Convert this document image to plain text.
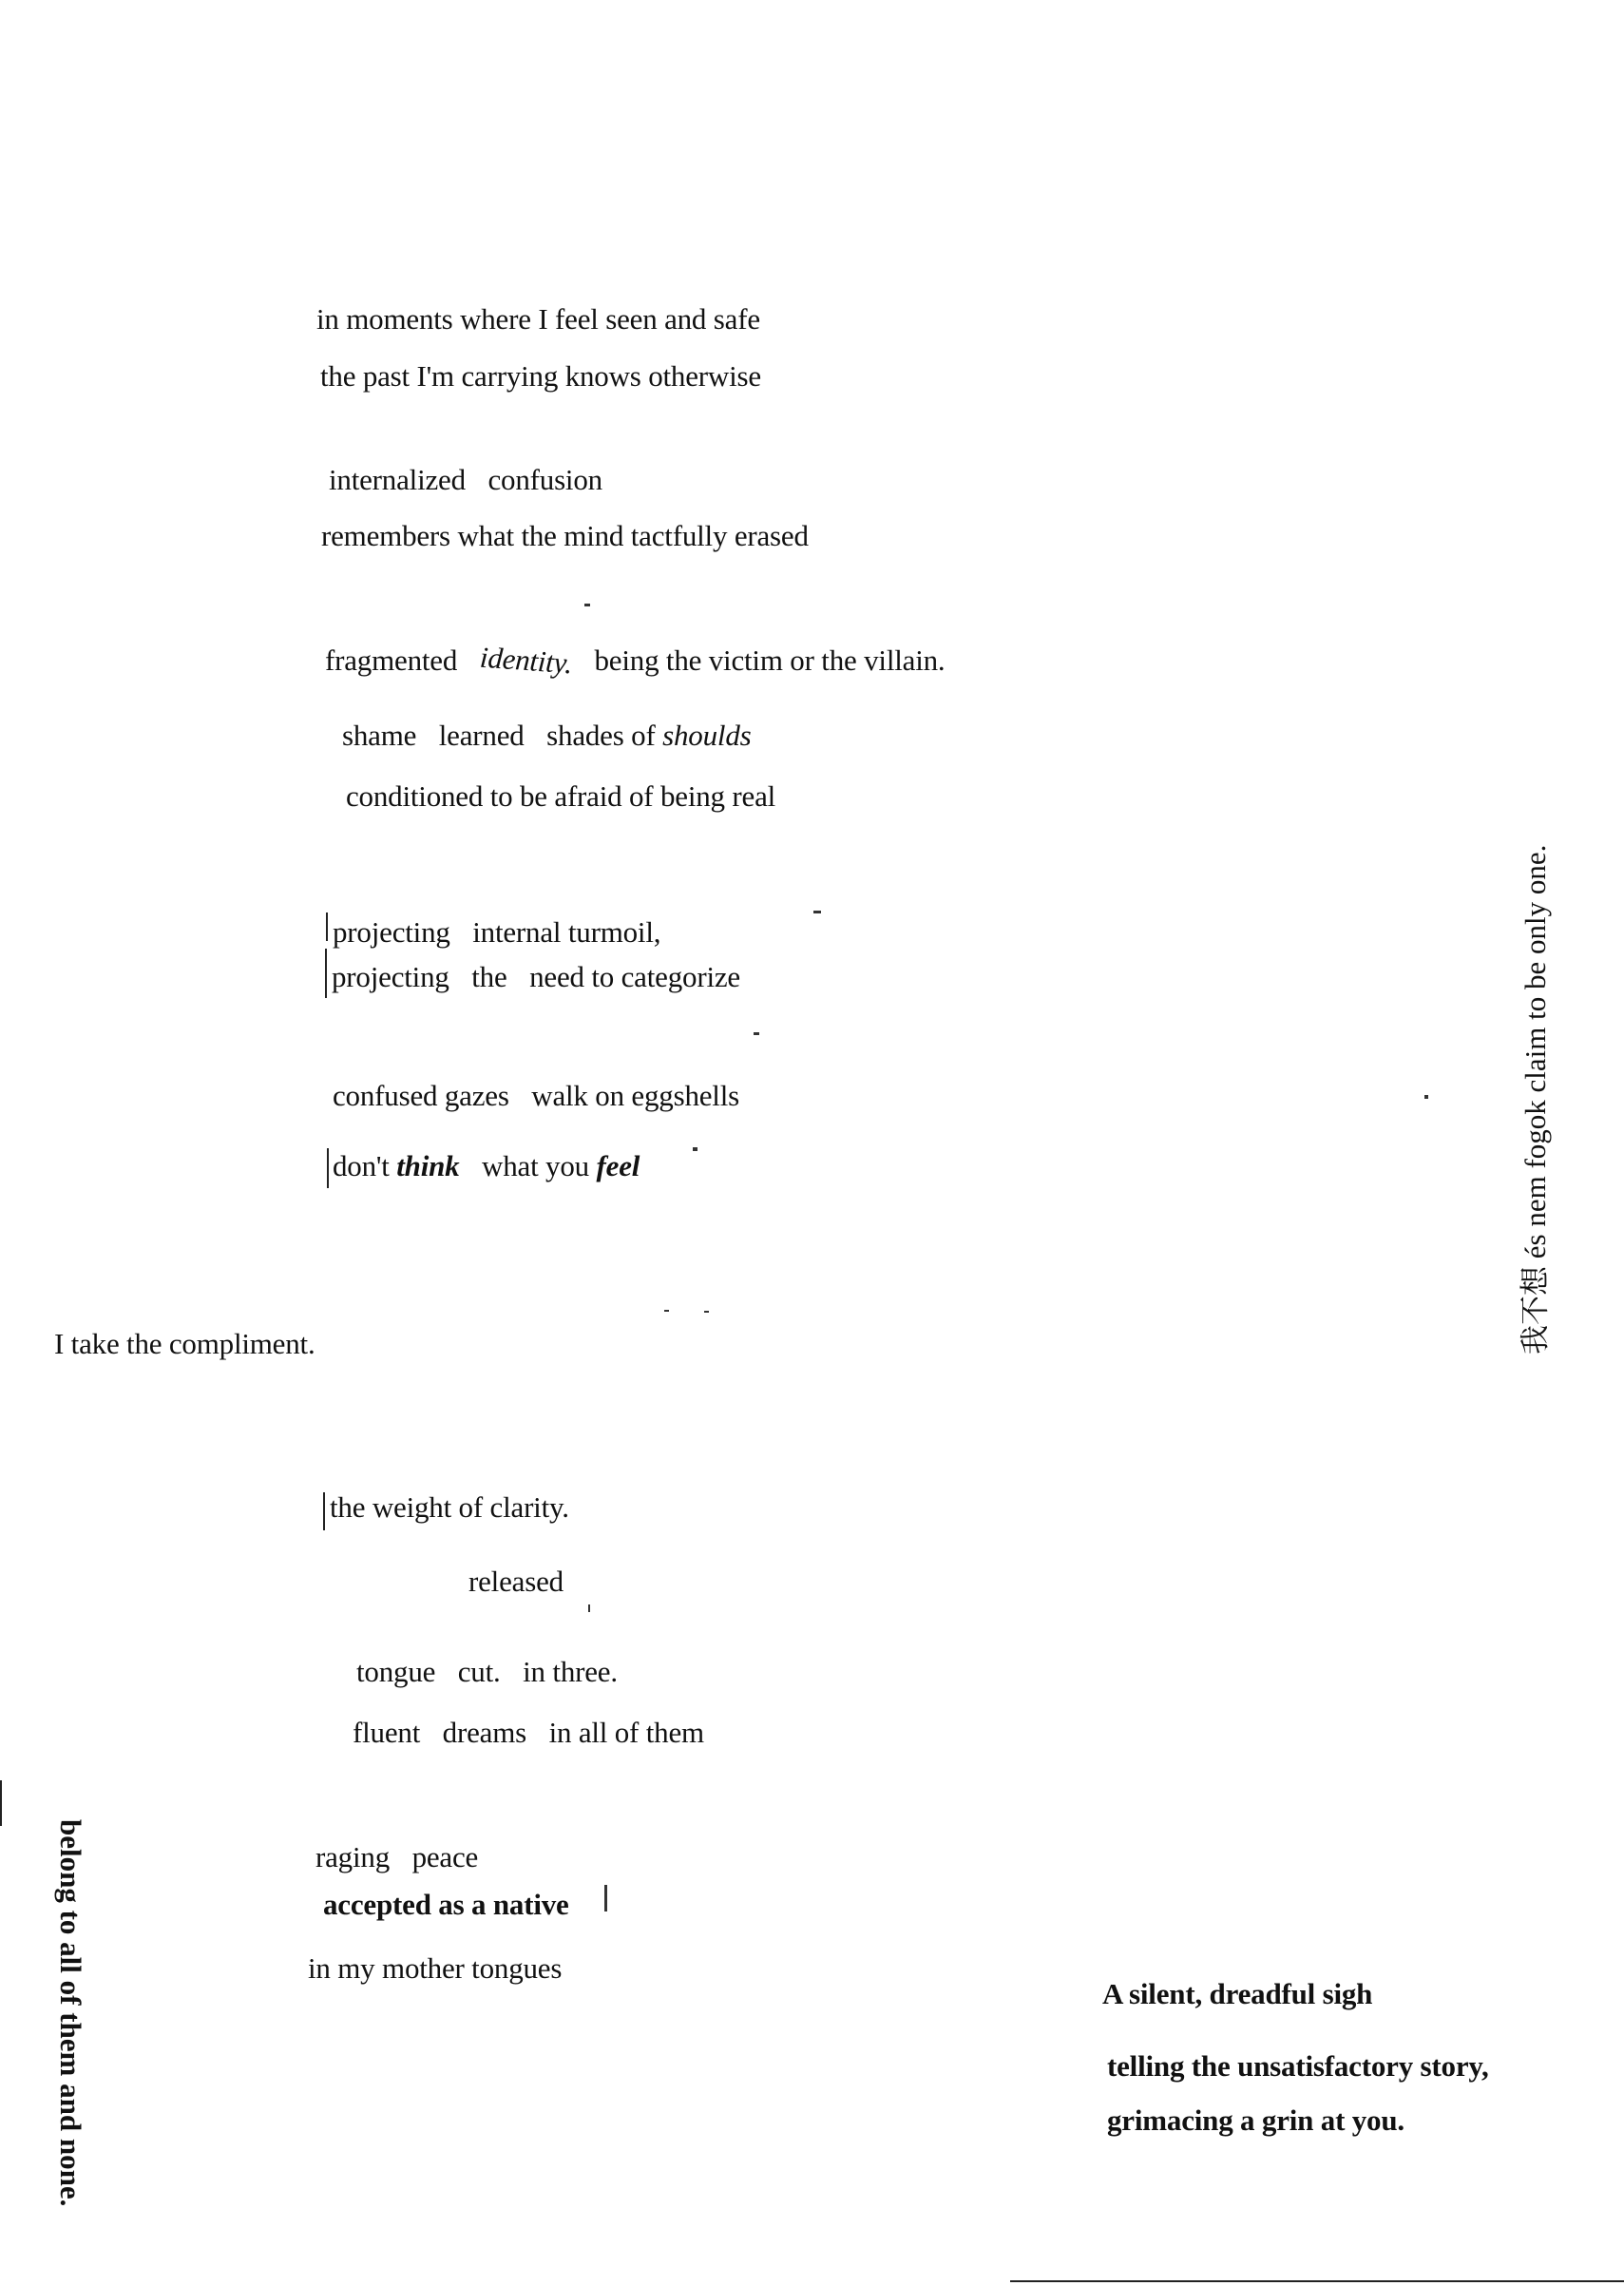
in moments where I feel seen and safe
the past I'm carrying knows otherwise
internalized confusion
remembers what the mind tactfully erased
fragmented identity. being the victim or the villain.
shame learned shades of shoulds
conditioned to be afraid of being real
projecting internal turmoil,
projecting the need to categorize
confused gazes walk on eggshells
don't think what you feel
I take the compliment.
the weight of clarity.
released
tongue cut. in three.
fluent dreams in all of them
raging peace
accepted as a native
in my mother tongues
A silent, dreadful sigh
telling the unsatisfactory story,
grimacing a grin at you.
我不想 és nem fogok claim to be only one.
belong to all of them and none.
